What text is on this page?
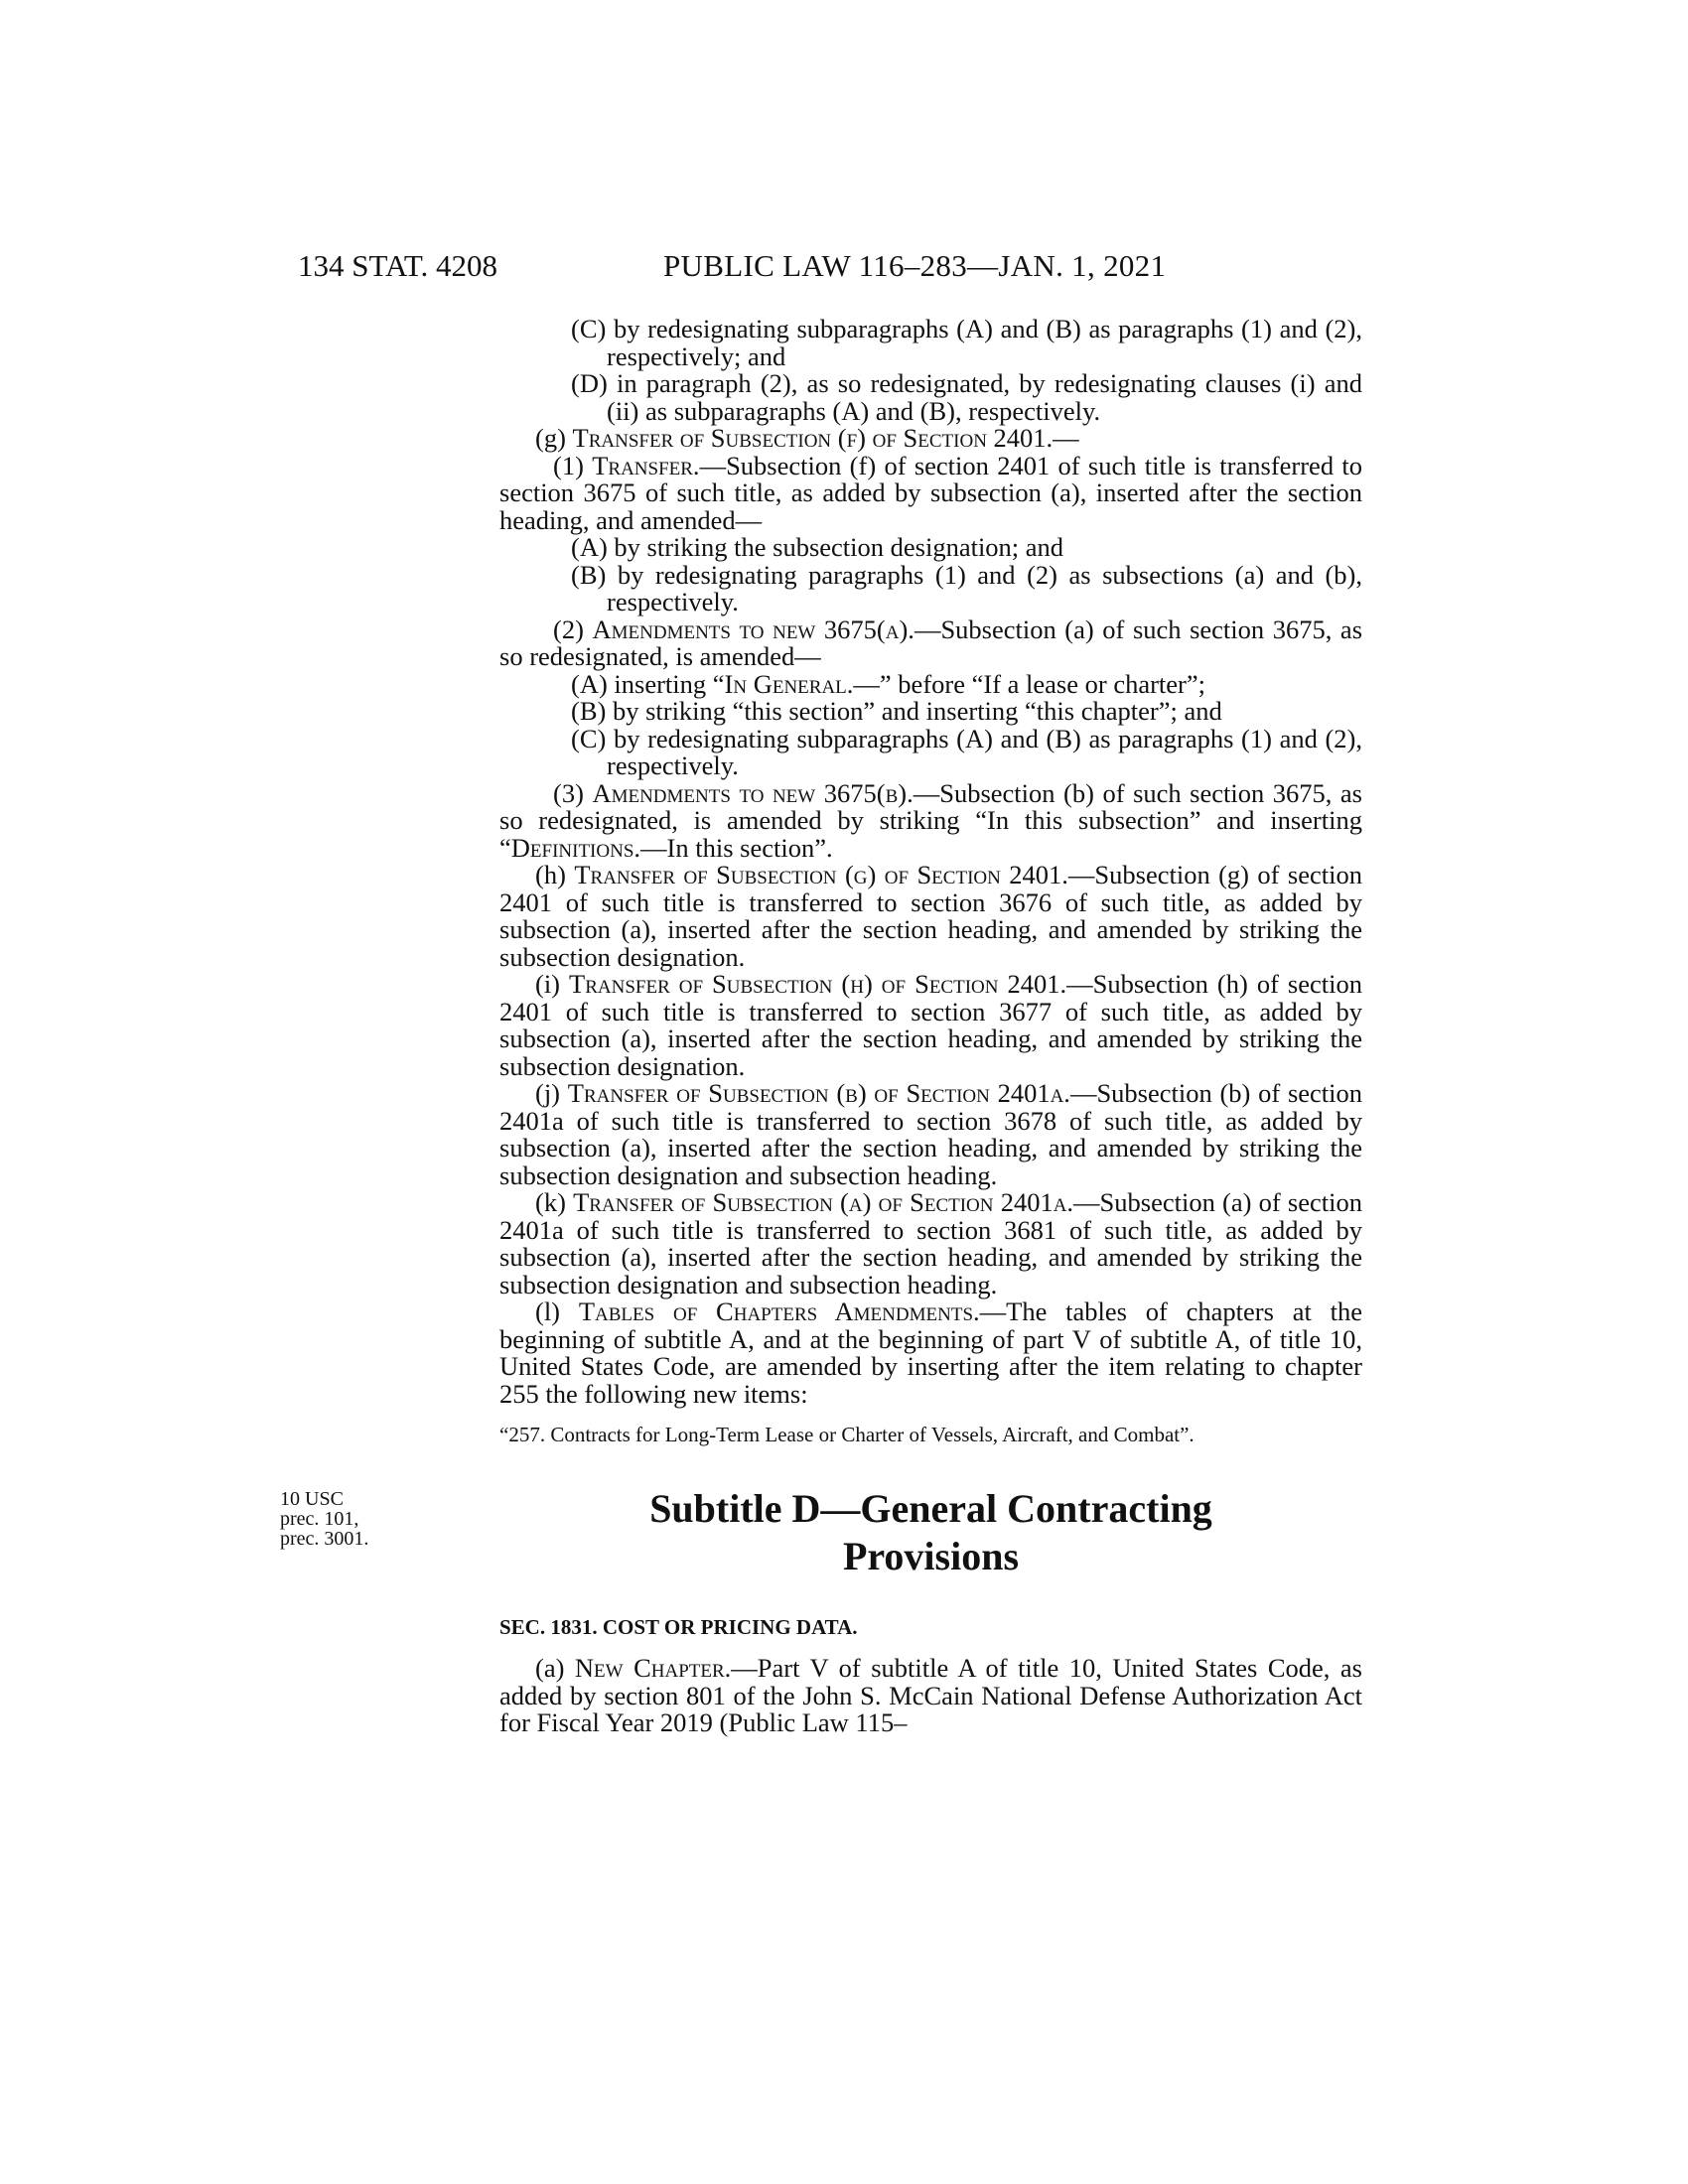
134 STAT. 4208	PUBLIC LAW 116–283—JAN. 1, 2021
10 USC
prec. 101,
prec. 3001.

(C) by redesignating subparagraphs (A) and (B) as paragraphs (1) and (2), respectively; and

(D) in paragraph (2), as so redesignated, by redesignating clauses (i) and (ii) as subparagraphs (A) and (B), respectively.

(g) Transfer of Subsection (f) of Section 2401.—

(1) Transfer.—Subsection (f) of section 2401 of such title is transferred to section 3675 of such title, as added by subsection (a), inserted after the section heading, and amended—

(A) by striking the subsection designation; and

(B) by redesignating paragraphs (1) and (2) as subsections (a) and (b), respectively.

(2) Amendments to new 3675(a).—Subsection (a) of such section 3675, as so redesignated, is amended—

(A) inserting “In General.—” before “If a lease or charter”;

(B) by striking “this section” and inserting “this chapter”; and

(C) by redesignating subparagraphs (A) and (B) as paragraphs (1) and (2), respectively.

(3) Amendments to new 3675(b).—Subsection (b) of such section 3675, as so redesignated, is amended by striking “In this subsection” and inserting “Definitions.—In this section”.

(h) Transfer of Subsection (g) of Section 2401.—Subsection (g) of section 2401 of such title is transferred to section 3676 of such title, as added by subsection (a), inserted after the section heading, and amended by striking the subsection designation.

(i) Transfer of Subsection (h) of Section 2401.—Subsection (h) of section 2401 of such title is transferred to section 3677 of such title, as added by subsection (a), inserted after the section heading, and amended by striking the subsection designation.

(j) Transfer of Subsection (b) of Section 2401a.—Subsection (b) of section 2401a of such title is transferred to section 3678 of such title, as added by subsection (a), inserted after the section heading, and amended by striking the subsection designation and subsection heading.

(k) Transfer of Subsection (a) of Section 2401a.—Subsection (a) of section 2401a of such title is transferred to section 3681 of such title, as added by subsection (a), inserted after the section heading, and amended by striking the subsection designation and subsection heading.

(l) Tables of Chapters Amendments.—The tables of chapters at the beginning of subtitle A, and at the beginning of part V of subtitle A, of title 10, United States Code, are amended by inserting after the item relating to chapter 255 the following new items:

“257. Contracts for Long-Term Lease or Charter of Vessels, Aircraft, and Combat”.

Subtitle D—General Contracting
Provisions

SEC. 1831. COST OR PRICING DATA.

(a) New Chapter.—Part V of subtitle A of title 10, United States Code, as added by section 801 of the John S. McCain National Defense Authorization Act for Fiscal Year 2019 (Public Law 115–
